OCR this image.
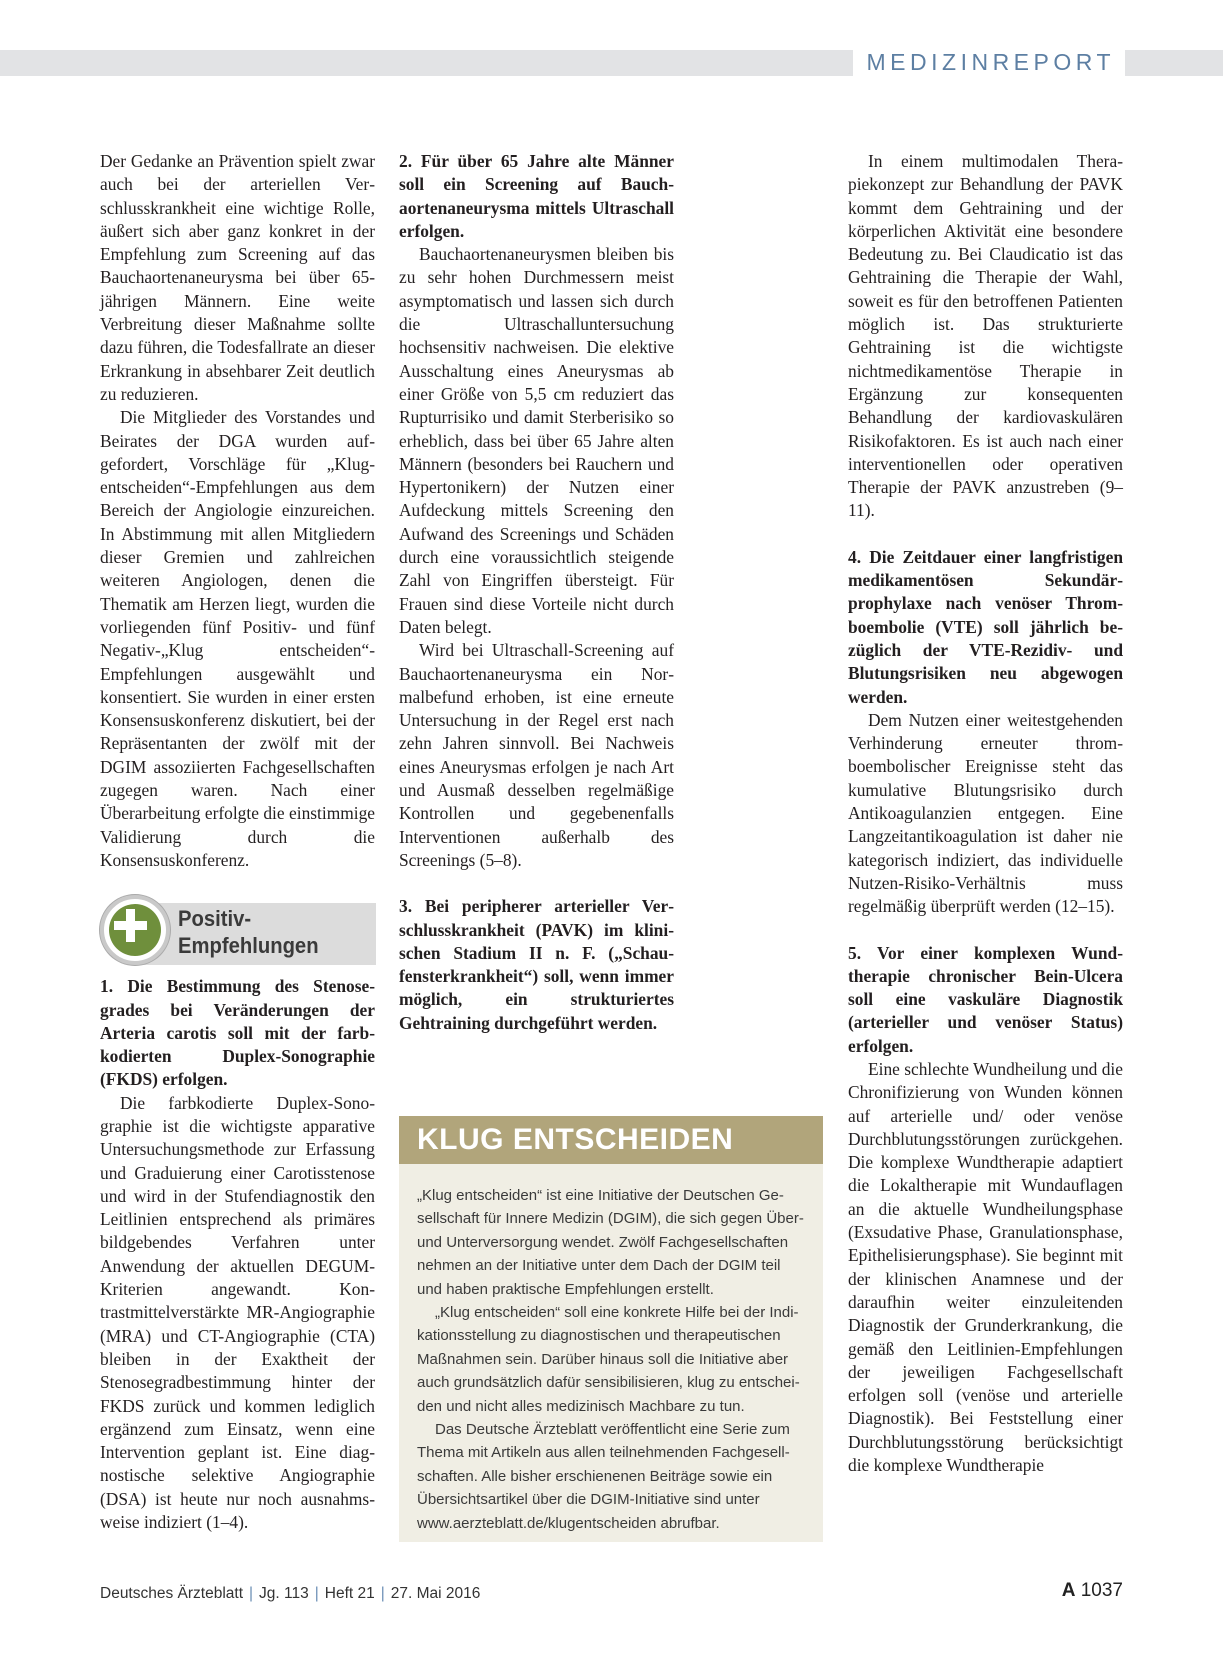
MEDIZINREPORT

Der Gedanke an Prävention spielt zwar auch bei der arteriellen Verschlusskrankheit eine wichtige Rolle, äußert sich aber ganz konkret in der Empfehlung zum Screening auf das Bauchaortenaneurysma bei über 65-jährigen Männern. Eine weite Verbreitung dieser Maßnahme sollte dazu führen, die Todesfallrate an dieser Erkrankung in absehbarer Zeit deutlich zu reduzieren.

Die Mitglieder des Vorstandes und Beirates der DGA wurden aufgefordert, Vorschläge für „Klug-entscheiden“-Empfehlungen aus dem Bereich der Angiologie einzureichen. In Abstimmung mit allen Mitgliedern dieser Gremien und zahlreichen weiteren Angiologen, denen die Thematik am Herzen liegt, wurden die vorliegenden fünf Positiv- und fünf Negativ-„Klug entscheiden“-Empfehlungen ausgewählt und konsentiert. Sie wurden in einer ersten Konsensuskonferenz diskutiert, bei der Repräsentanten der zwölf mit der DGIM assoziierten Fachgesellschaften zugegen waren. Nach einer Überarbeitung erfolgte die einstimmige Validierung durch die Konsensuskonferenz.

Positiv-
Empfehlungen
1. Die Bestimmung des Stenosegrades bei Veränderungen der Arteria carotis soll mit der farbkodierten Duplex-Sonographie (FKDS) erfolgen.

Die farbkodierte Duplex-Sonographie ist die wichtigste apparative Untersuchungsmethode zur Erfassung und Graduierung einer Carotisstenose und wird in der Stufendiagnostik den Leitlinien entsprechend als primäres bildgebendes Verfahren unter Anwendung der aktuellen DEGUM-Kriterien angewandt. Kontrastmittelverstärkte MR-Angiographie (MRA) und CT-Angiographie (CTA) bleiben in der Exaktheit der Stenosegradbestimmung hinter der FKDS zurück und kommen lediglich ergänzend zum Einsatz, wenn eine Intervention geplant ist. Eine diagnostische selektive Angiographie (DSA) ist heute nur noch ausnahmsweise indiziert (1–4).

2. Für über 65 Jahre alte Männer soll ein Screening auf Bauchaortenaneurysma mittels Ultraschall erfolgen.

Bauchaortenaneurysmen bleiben bis zu sehr hohen Durchmessern meist asymptomatisch und lassen sich durch die Ultraschalluntersuchung hochsensitiv nachweisen. Die elektive Ausschaltung eines Aneurysmas ab einer Größe von 5,5 cm reduziert das Rupturrisiko und damit Sterberisiko so erheblich, dass bei über 65 Jahre alten Männern (besonders bei Rauchern und Hypertonikern) der Nutzen einer Aufdeckung mittels Screening den Aufwand des Screenings und Schäden durch eine voraussichtlich steigende Zahl von Eingriffen übersteigt. Für Frauen sind diese Vorteile nicht durch Daten belegt.

Wird bei Ultraschall-Screening auf Bauchaortenaneurysma ein Normalbefund erhoben, ist eine erneute Untersuchung in der Regel erst nach zehn Jahren sinnvoll. Bei Nachweis eines Aneurysmas erfolgen je nach Art und Ausmaß desselben regelmäßige Kontrollen und gegebenenfalls Interventionen außerhalb des Screenings (5–8).

3. Bei peripherer arterieller Verschlusskrankheit (PAVK) im klinischen Stadium II n. F. („Schaufensterkrankheit“) soll, wenn immer möglich, ein strukturiertes Gehtraining durchgeführt werden.
KLUG ENTSCHEIDEN

„Klug entscheiden“ ist eine Initiative der Deutschen Gesellschaft für Innere Medizin (DGIM), die sich gegen Über- und Unterversorgung wendet. Zwölf Fachgesellschaften nehmen an der Initiative unter dem Dach der DGIM teil und haben praktische Empfehlungen erstellt.

„Klug entscheiden“ soll eine konkrete Hilfe bei der Indikationsstellung zu diagnostischen und therapeutischen Maßnahmen sein. Darüber hinaus soll die Initiative aber auch grundsätzlich dafür sensibilisieren, klug zu entscheiden und nicht alles medizinisch Machbare zu tun.

Das Deutsche Ärzteblatt veröffentlicht eine Serie zum Thema mit Artikeln aus allen teilnehmenden Fachgesellschaften. Alle bisher erschienenen Beiträge sowie ein Übersichtsartikel über die DGIM-Initiative sind unter www.aerzteblatt.de/klugentscheiden abrufbar.

In einem multimodalen Therapiekonzept zur Behandlung der PAVK kommt dem Gehtraining und der körperlichen Aktivität eine besondere Bedeutung zu. Bei Claudicatio ist das Gehtraining die Therapie der Wahl, soweit es für den betroffenen Patienten möglich ist. Das strukturierte Gehtraining ist die wichtigste nichtmedikamentöse Therapie in Ergänzung zur konsequenten Behandlung der kardiovaskulären Risikofaktoren. Es ist auch nach einer interventionellen oder operativen Therapie der PAVK anzustreben (9–11).

4. Die Zeitdauer einer langfristigen medikamentösen Sekundärprophylaxe nach venöser Thromboembolie (VTE) soll jährlich bezüglich der VTE-Rezidiv- und Blutungsrisiken neu abgewogen werden.

Dem Nutzen einer weitestgehenden Verhinderung erneuter thromboembolischer Ereignisse steht das kumulative Blutungsrisiko durch Antikoagulanzien entgegen. Eine Langzeitantikoagulation ist daher nie kategorisch indiziert, das individuelle Nutzen-Risiko-Verhältnis muss regelmäßig überprüft werden (12–15).

5. Vor einer komplexen Wundtherapie chronischer Bein-Ulcera soll eine vaskuläre Diagnostik (arterieller und venöser Status) erfolgen.

Eine schlechte Wundheilung und die Chronifizierung von Wunden können auf arterielle und/ oder venöse Durchblutungsstörungen zurückgehen. Die komplexe Wundtherapie adaptiert die Lokaltherapie mit Wundauflagen an die aktuelle Wundheilungsphase (Exsudative Phase, Granulationsphase, Epithelisierungsphase). Sie beginnt mit der klinischen Anamnese und der daraufhin weiter einzuleitenden Diagnostik der Grunderkrankung, die gemäß den Leitlinien-Empfehlungen der jeweiligen Fachgesellschaft erfolgen soll (venöse und arterielle Diagnostik). Bei Feststellung einer Durchblutungsstörung berücksichtigt die komplexe Wundtherapie

Deutsches Ärzteblatt | Jg. 113 | Heft 21 | 27. Mai 2016	A 1037
